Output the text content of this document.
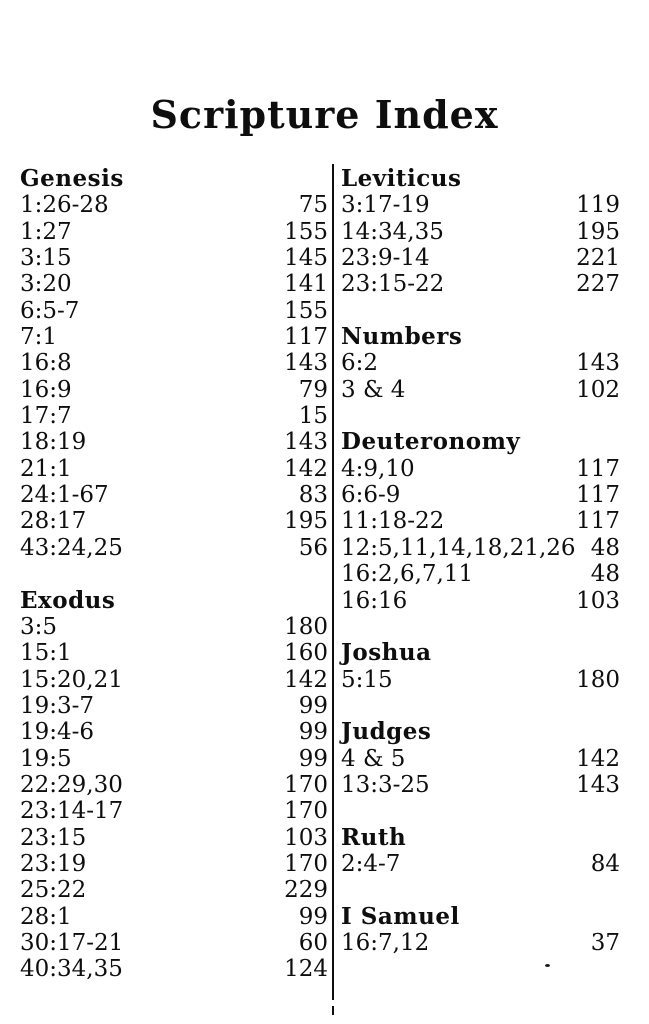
Scripture Index
Genesis
1:26-28	75
1:27	155
3:15	145
3:20	141
6:5-7	155
7:1	117
16:8	143
16:9	79
17:7	15
18:19	143
21:1	142
24:1-67	83
28:17	195
43:24,25	56
Exodus
3:5	180
15:1	160
15:20,21	142
19:3-7	99
19:4-6	99
19:5	99
22:29,30	170
23:14-17	170
23:15	103
23:19	170
25:22	229
28:1	99
30:17-21	60
40:34,35	124
Leviticus
3:17-19	119
14:34,35	195
23:9-14	221
23:15-22	227
Numbers
6:2	143
3 & 4	102
Deuteronomy
4:9,10	117
6:6-9	117
11:18-22	117
12:5,11,14,18,21,26 48
16:2,6,7,11	48
16:16	103
Joshua
5:15	180
Judges
4 & 5	142
13:3-25	143
Ruth
2:4-7	84
I Samuel
16:7,12	37
